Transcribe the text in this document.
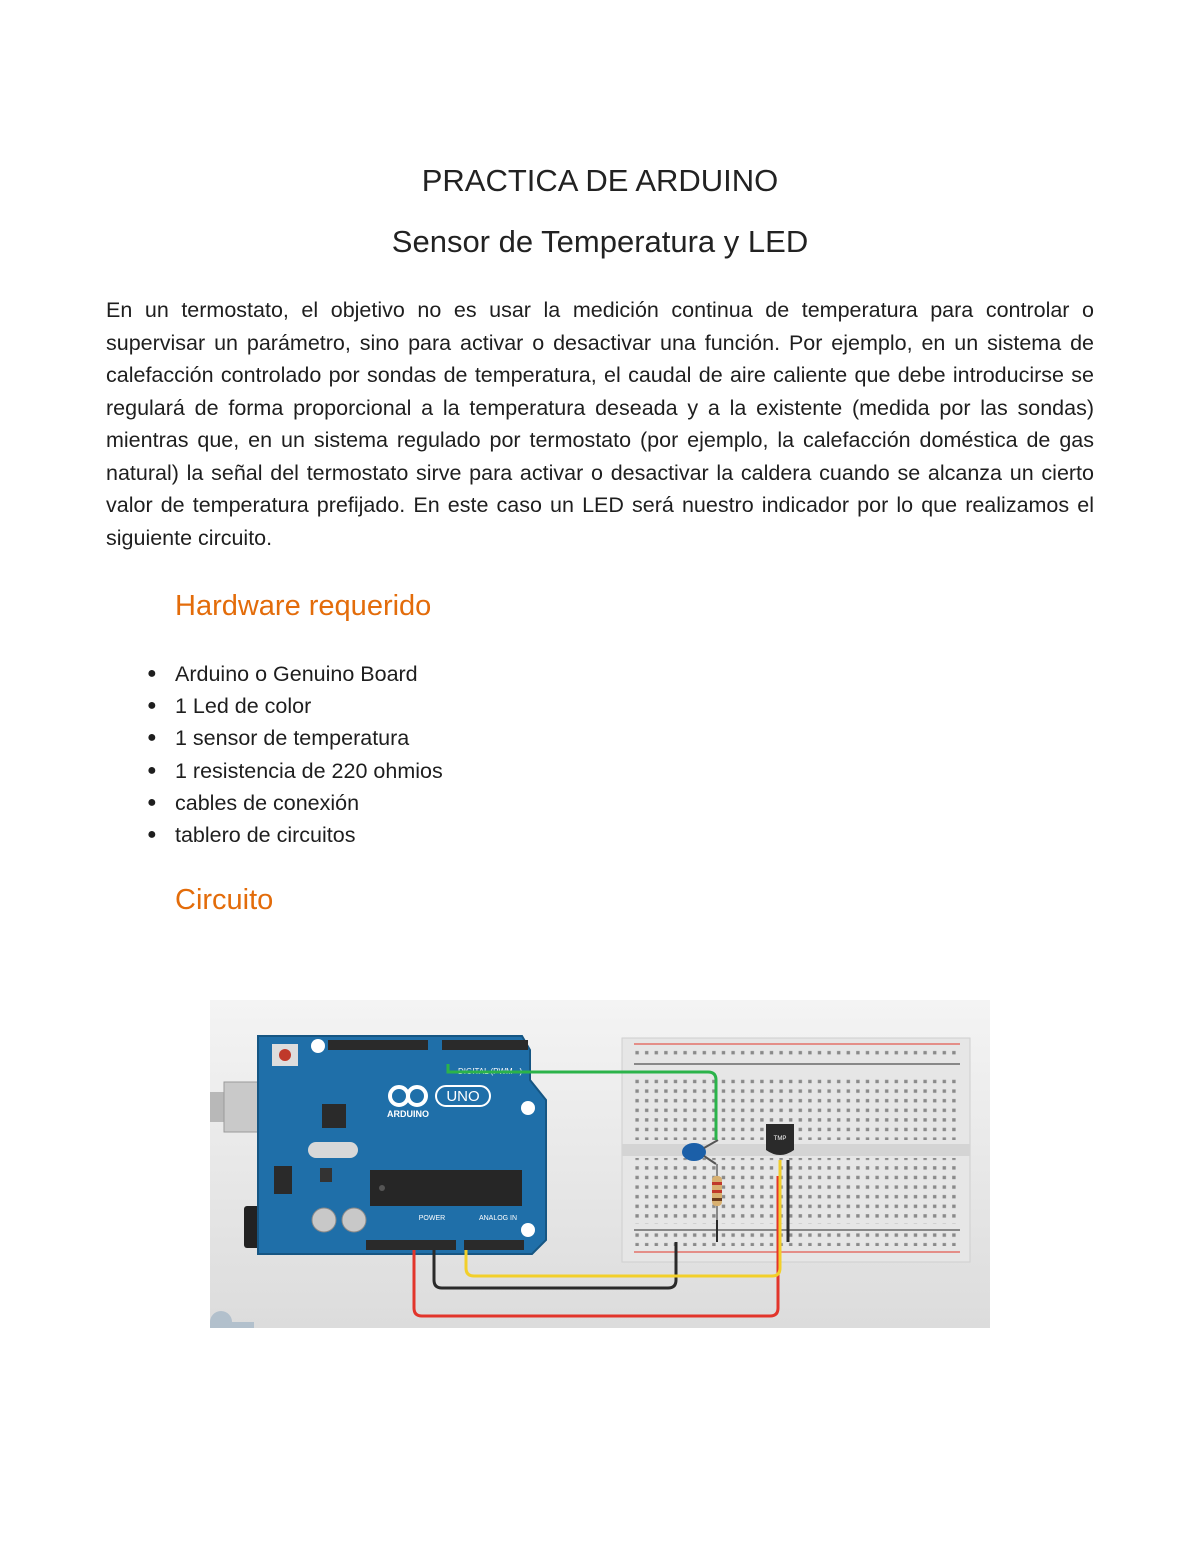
PRACTICA DE ARDUINO
Sensor de Temperatura y LED

En un termostato, el objetivo no es usar la medición continua de temperatura para controlar o supervisar un parámetro, sino para activar o desactivar una función. Por ejemplo, en un sistema de calefacción controlado por sondas de temperatura, el caudal de aire caliente que debe introducirse se regulará de forma proporcional a la temperatura deseada y a la existente (medida por las sondas) mientras que, en un sistema regulado por termostato (por ejemplo, la calefacción doméstica de gas natural) la señal del termostato sirve para activar o desactivar la caldera cuando se alcanza un cierto valor de temperatura prefijado. En este caso un LED será nuestro indicador por lo que realizamos el siguiente circuito.

Hardware requerido
● Arduino o Genuino Board
● 1 Led de color
● 1 sensor de temperatura
● 1 resistencia de 220 ohmios
● cables de conexión
● tablero de circuitos
Circuito
DIGITAL (PWM ~)
UNO
ARDUINO
POWER	ANALOG IN
TMP
